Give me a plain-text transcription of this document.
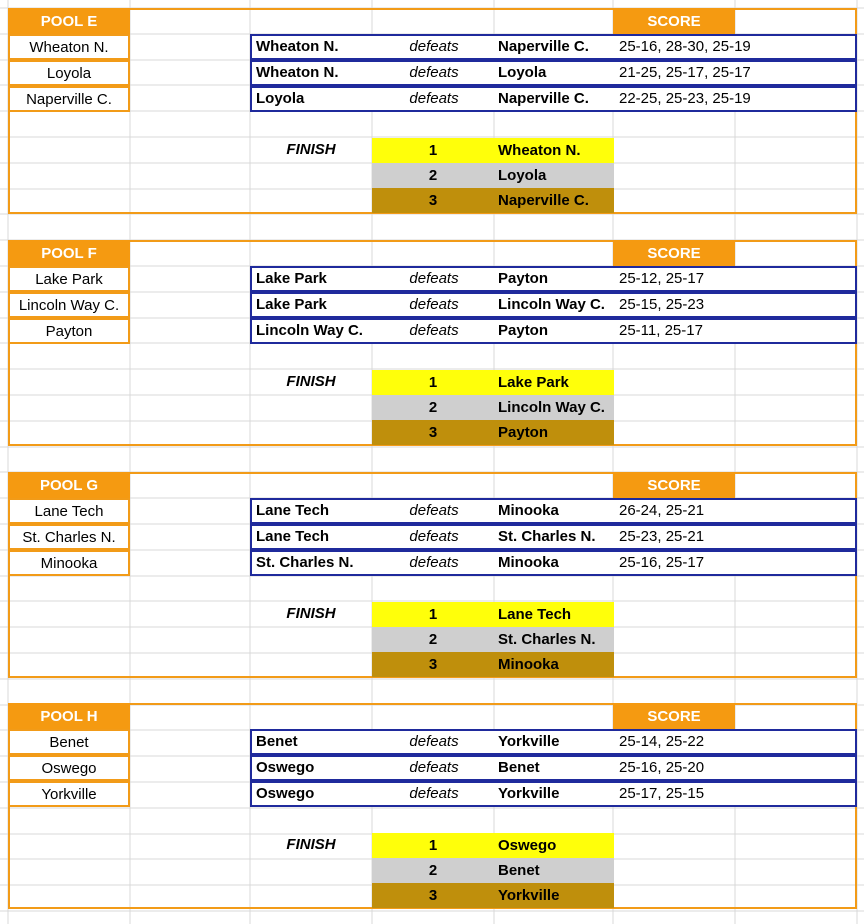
POOL E	SCORE
Wheaton N.
Loyola
Naperville C.
Wheaton N.	defeats	Naperville C. 25-16, 28-30, 25-19
Wheaton N.	defeats	Loyola	21-25, 25-17, 25-17
Loyola	defeats	Naperville C. 22-25, 25-23, 25-19
FINISH	1	Wheaton N.
2	Loyola
3	Naperville C.
POOL F	SCORE
Lake Park
Lincoln Way C.
Payton
Lake Park	defeats	Payton	25-12, 25-17
Lake Park	defeats	Lincoln Way C. 25-15, 25-23
Lincoln Way C.	defeats	Payton	25-11, 25-17
FINISH	1	Lake Park
2	Lincoln Way C.
3	Payton
POOL G	SCORE
Lane Tech
St. Charles N.
Minooka
Lane Tech	defeats	Minooka	26-24, 25-21
Lane Tech	defeats	St. Charles N. 25-23, 25-21
St. Charles N.	defeats	Minooka	25-16, 25-17
FINISH	1	Lane Tech
2	St. Charles N.
3	Minooka
POOL H	SCORE
Benet
Oswego
Yorkville
Benet	defeats	Yorkville	25-14, 25-22
Oswego	defeats	Benet	25-16, 25-20
Oswego	defeats	Yorkville	25-17, 25-15
FINISH	1	Oswego
2	Benet
3	Yorkville
